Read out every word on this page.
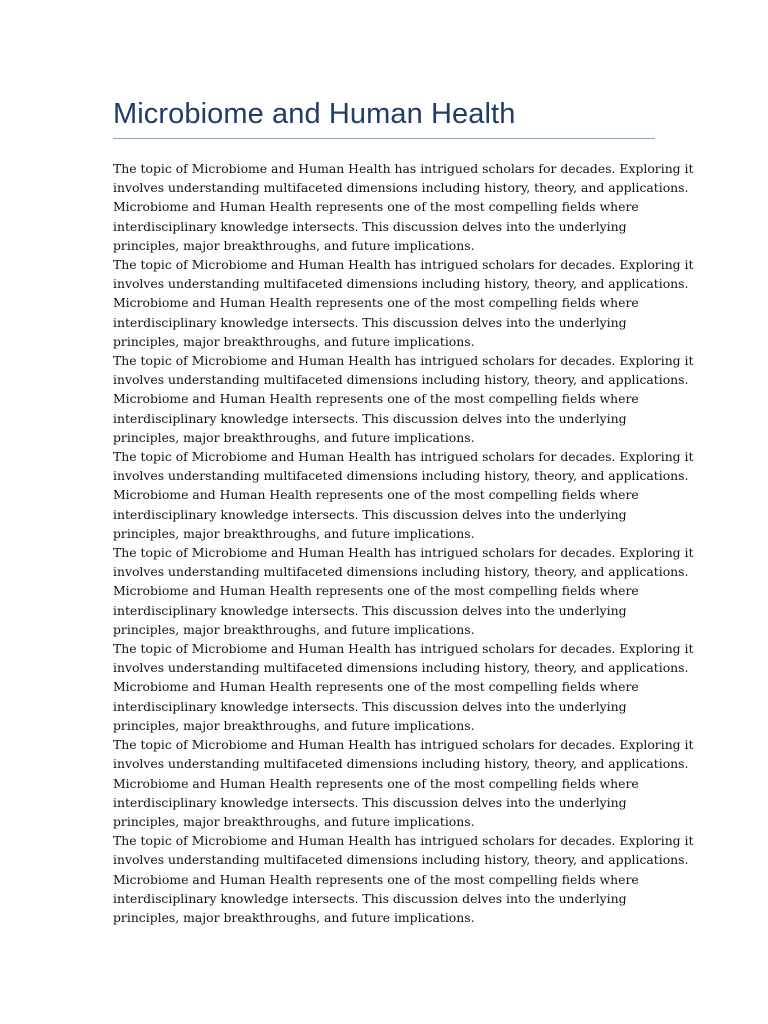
Microbiome and Human Health

The topic of Microbiome and Human Health has intrigued scholars for decades. Exploring it
involves understanding multifaceted dimensions including history, theory, and applications.
Microbiome and Human Health represents one of the most compelling fields where
interdisciplinary knowledge intersects. This discussion delves into the underlying
principles, major breakthroughs, and future implications.

The topic of Microbiome and Human Health has intrigued scholars for decades. Exploring it
involves understanding multifaceted dimensions including history, theory, and applications.
Microbiome and Human Health represents one of the most compelling fields where
interdisciplinary knowledge intersects. This discussion delves into the underlying
principles, major breakthroughs, and future implications.

The topic of Microbiome and Human Health has intrigued scholars for decades. Exploring it
involves understanding multifaceted dimensions including history, theory, and applications.
Microbiome and Human Health represents one of the most compelling fields where
interdisciplinary knowledge intersects. This discussion delves into the underlying
principles, major breakthroughs, and future implications.

The topic of Microbiome and Human Health has intrigued scholars for decades. Exploring it
involves understanding multifaceted dimensions including history, theory, and applications.
Microbiome and Human Health represents one of the most compelling fields where
interdisciplinary knowledge intersects. This discussion delves into the underlying
principles, major breakthroughs, and future implications.

The topic of Microbiome and Human Health has intrigued scholars for decades. Exploring it
involves understanding multifaceted dimensions including history, theory, and applications.
Microbiome and Human Health represents one of the most compelling fields where
interdisciplinary knowledge intersects. This discussion delves into the underlying
principles, major breakthroughs, and future implications.

The topic of Microbiome and Human Health has intrigued scholars for decades. Exploring it
involves understanding multifaceted dimensions including history, theory, and applications.
Microbiome and Human Health represents one of the most compelling fields where
interdisciplinary knowledge intersects. This discussion delves into the underlying
principles, major breakthroughs, and future implications.

The topic of Microbiome and Human Health has intrigued scholars for decades. Exploring it
involves understanding multifaceted dimensions including history, theory, and applications.
Microbiome and Human Health represents one of the most compelling fields where
interdisciplinary knowledge intersects. This discussion delves into the underlying
principles, major breakthroughs, and future implications.

The topic of Microbiome and Human Health has intrigued scholars for decades. Exploring it
involves understanding multifaceted dimensions including history, theory, and applications.
Microbiome and Human Health represents one of the most compelling fields where
interdisciplinary knowledge intersects. This discussion delves into the underlying
principles, major breakthroughs, and future implications.
